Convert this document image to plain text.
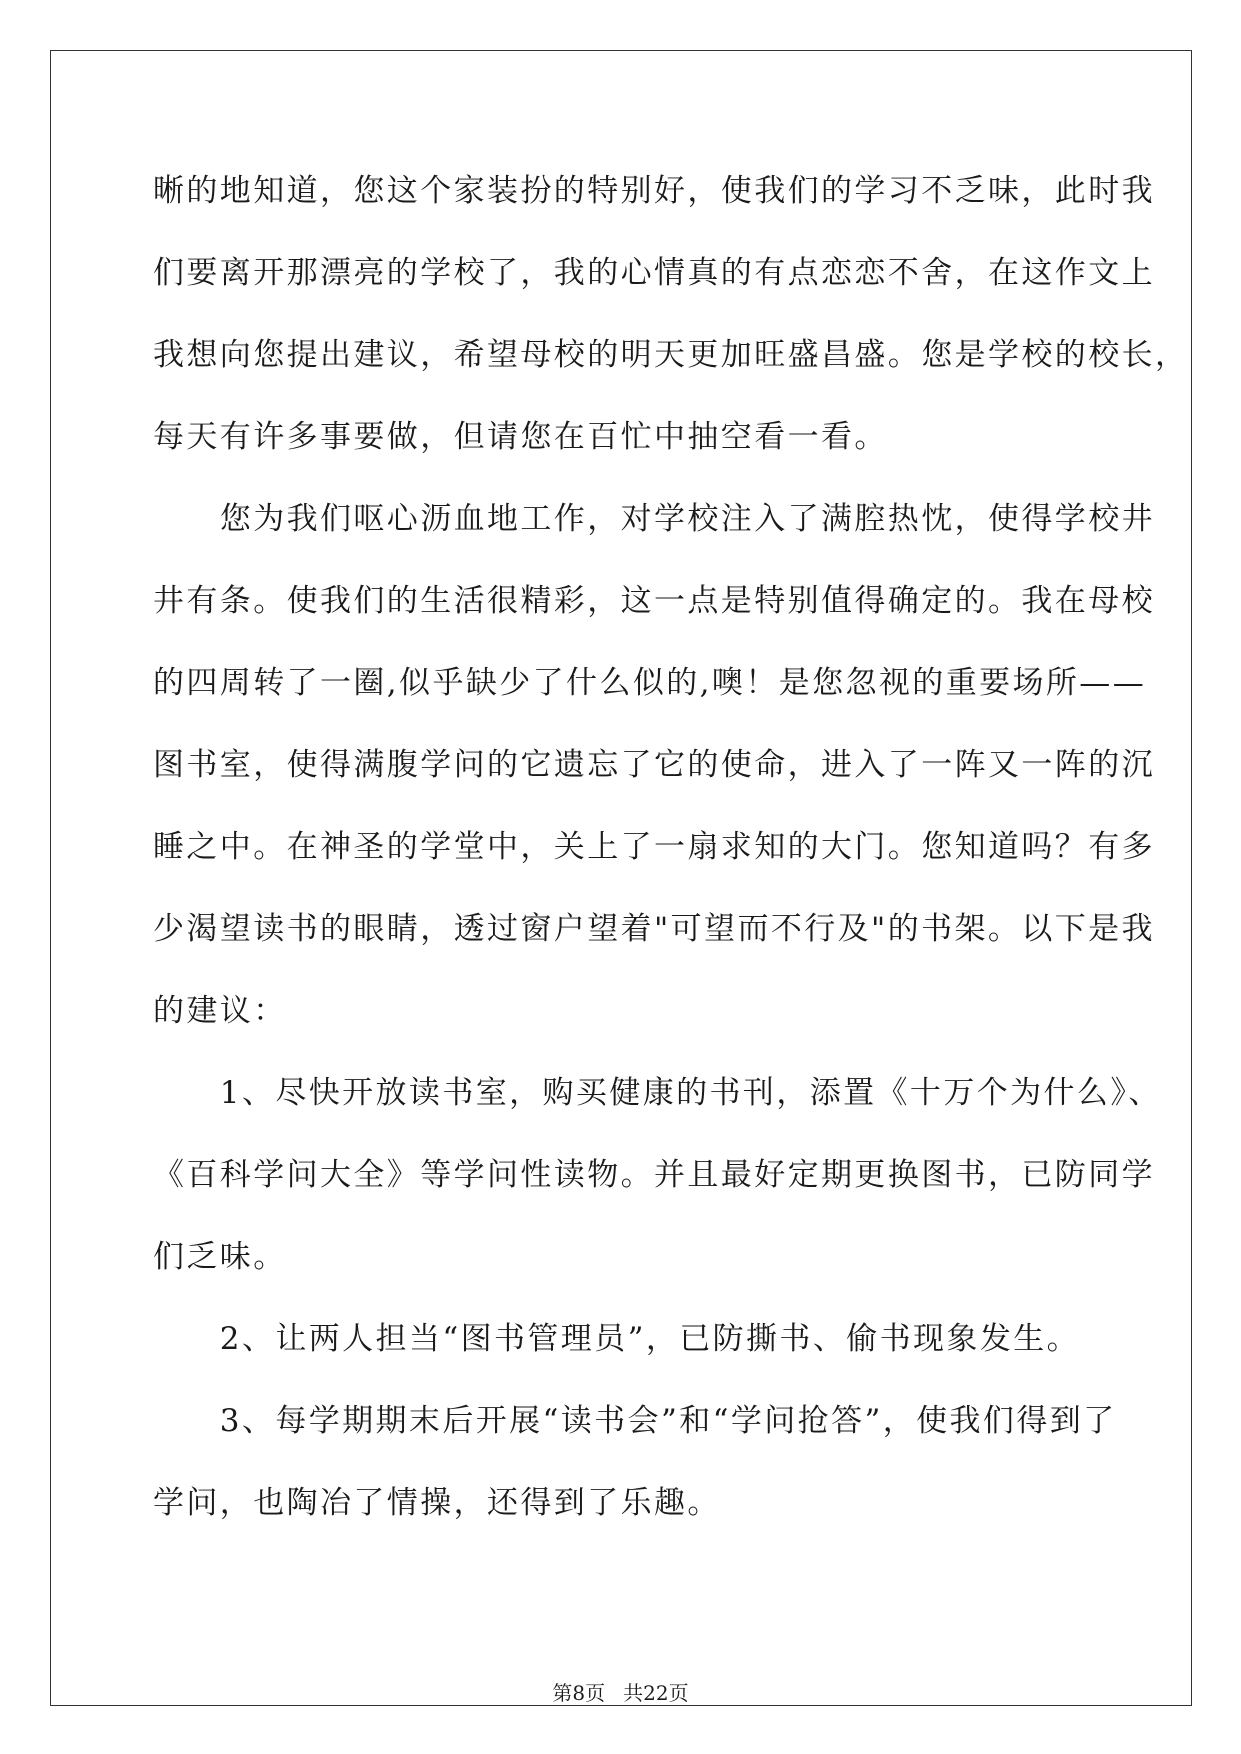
晰的地知道，您这个家装扮的特别好，使我们的学习不乏味，此时我
们要离开那漂亮的学校了，我的心情真的有点恋恋不舍，在这作文上
我想向您提出建议，希望母校的明天更加旺盛昌盛。您是学校的校长，
每天有许多事要做，但请您在百忙中抽空看一看。
　　您为我们呕心沥血地工作，对学校注入了满腔热忱，使得学校井
井有条。使我们的生活很精彩，这一点是特别值得确定的。我在母校
的四周转了一圈,似乎缺少了什么似的,噢！是您忽视的重要场所——
图书室，使得满腹学问的它遗忘了它的使命，进入了一阵又一阵的沉
睡之中。在神圣的学堂中，关上了一扇求知的大门。您知道吗？有多
少渴望读书的眼睛，透过窗户望着"可望而不行及"的书架。以下是我
的建议：
　　1、尽快开放读书室，购买健康的书刊，添置《十万个为什么》、
《百科学问大全》等学问性读物。并且最好定期更换图书，已防同学
们乏味。
　　2、让两人担当“图书管理员”，已防撕书、偷书现象发生。
　　3、每学期期末后开展“读书会”和“学问抢答”，使我们得到了
学问，也陶冶了情操，还得到了乐趣。
第8页 共22页
